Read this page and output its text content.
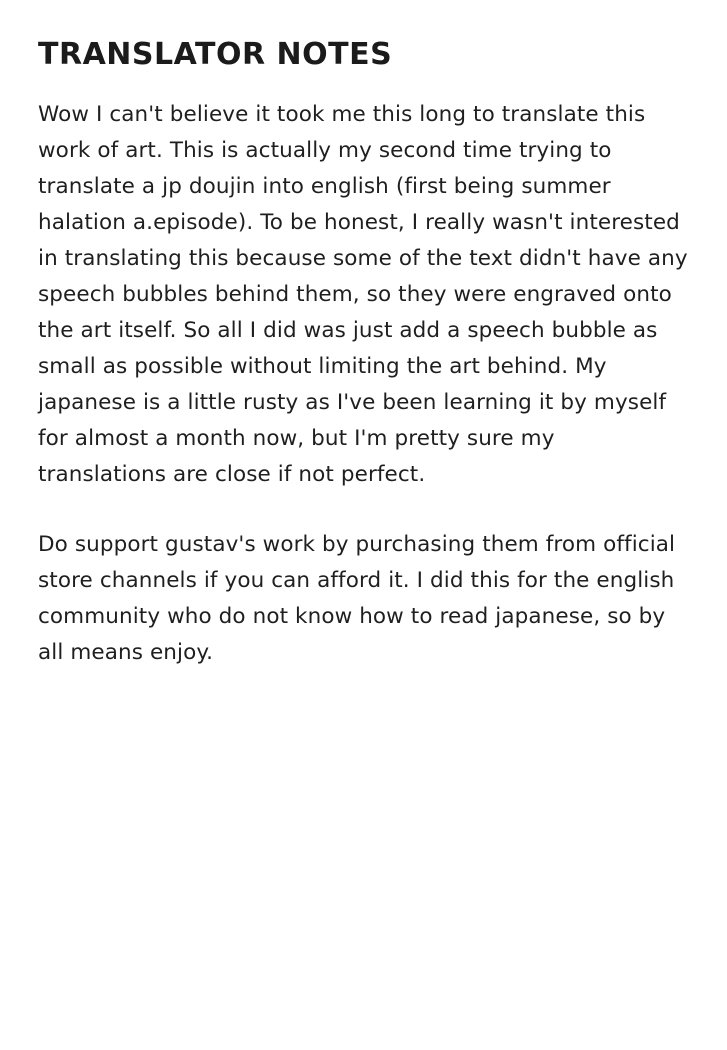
TRANSLATOR NOTES

Wow I can't believe it took me this long to translate this work of art. This is actually my second time trying to translate a jp doujin into english (first being summer halation a.episode). To be honest, I really wasn't interested in translating this because some of the text didn't have any speech bubbles behind them, so they were engraved onto the art itself. So all I did was just add a speech bubble as small as possible without limiting the art behind. My japanese is a little rusty as I've been learning it by myself for almost a month now, but I'm pretty sure my translations are close if not perfect.

Do support gustav's work by purchasing them from official store channels if you can afford it. I did this for the english community who do not know how to read japanese, so by all means enjoy.
